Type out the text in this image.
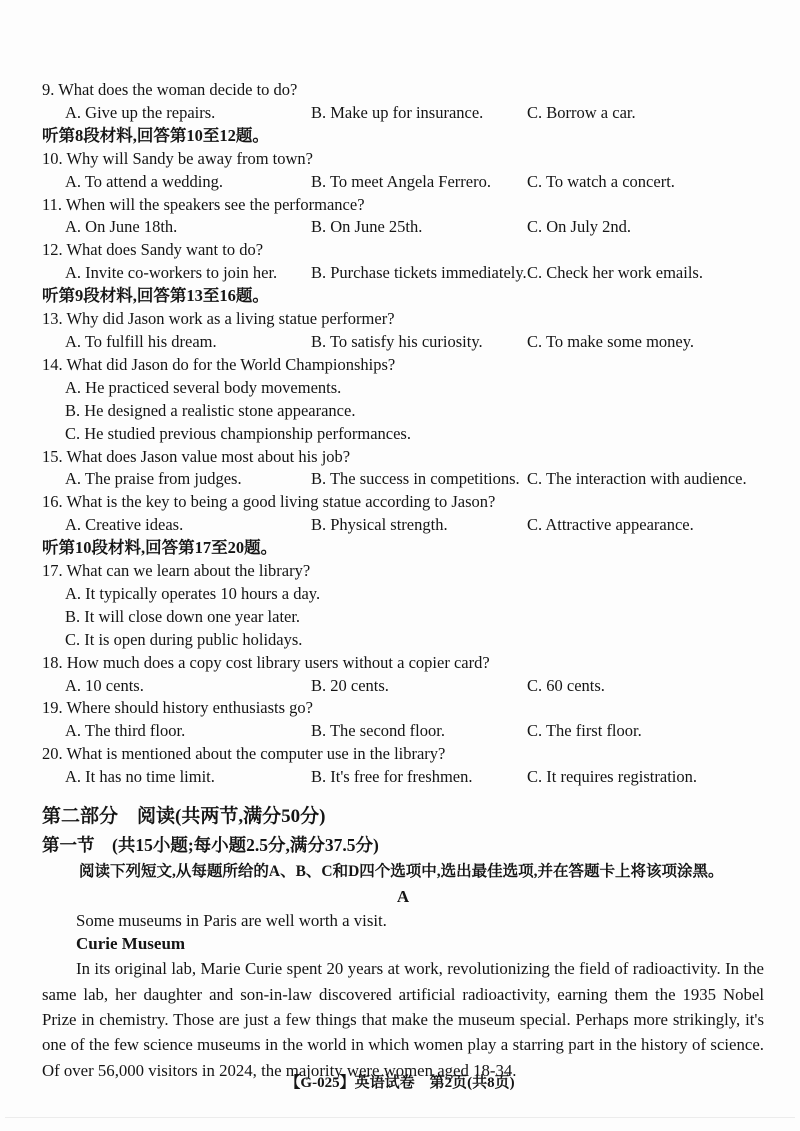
9. What does the woman decide to do?
A. Give up the repairs.	B. Make up for insurance.	C. Borrow a car.
听第8段材料,回答第10至12题。
10. Why will Sandy be away from town?
A. To attend a wedding.	B. To meet Angela Ferrero.	C. To watch a concert.
11. When will the speakers see the performance?
A. On June 18th.	B. On June 25th.	C. On July 2nd.
12. What does Sandy want to do?
A. Invite co-workers to join her.	B. Purchase tickets immediately. C. Check her work emails.
听第9段材料,回答第13至16题。
13. Why did Jason work as a living statue performer?
A. To fulfill his dream.	B. To satisfy his curiosity.	C. To make some money.
14. What did Jason do for the World Championships?
A. He practiced several body movements.
B. He designed a realistic stone appearance.
C. He studied previous championship performances.
15. What does Jason value most about his job?
A. The praise from judges.	B. The success in competitions. C. The interaction with audience.
16. What is the key to being a good living statue according to Jason?
A. Creative ideas.	B. Physical strength.	C. Attractive appearance.
听第10段材料,回答第17至20题。
17. What can we learn about the library?
A. It typically operates 10 hours a day.
B. It will close down one year later.
C. It is open during public holidays.
18. How much does a copy cost library users without a copier card?
A. 10 cents.	B. 20 cents.	C. 60 cents.
19. Where should history enthusiasts go?
A. The third floor.	B. The second floor.	C. The first floor.
20. What is mentioned about the computer use in the library?
A. It has no time limit.	B. It's free for freshmen.	C. It requires registration.
第二部分　阅读(共两节,满分50分)
第一节　(共15小题;每小题2.5分,满分37.5分)
阅读下列短文,从每题所给的A、B、C和D四个选项中,选出最佳选项,并在答题卡上将该项涂黑。
A
Some museums in Paris are well worth a visit.
Curie Museum
In its original lab, Marie Curie spent 20 years at work, revolutionizing the field of radioactivity. In the same lab, her daughter and son-in-law discovered artificial radioactivity, earning them the 1935 Nobel Prize in chemistry. Those are just a few things that make the museum special. Perhaps more strikingly, it's one of the few science museums in the world in which women play a starring part in the history of science. Of over 56,000 visitors in 2024, the majority were women aged 18-34.
【G-025】英语试卷　第2页(共8页)
